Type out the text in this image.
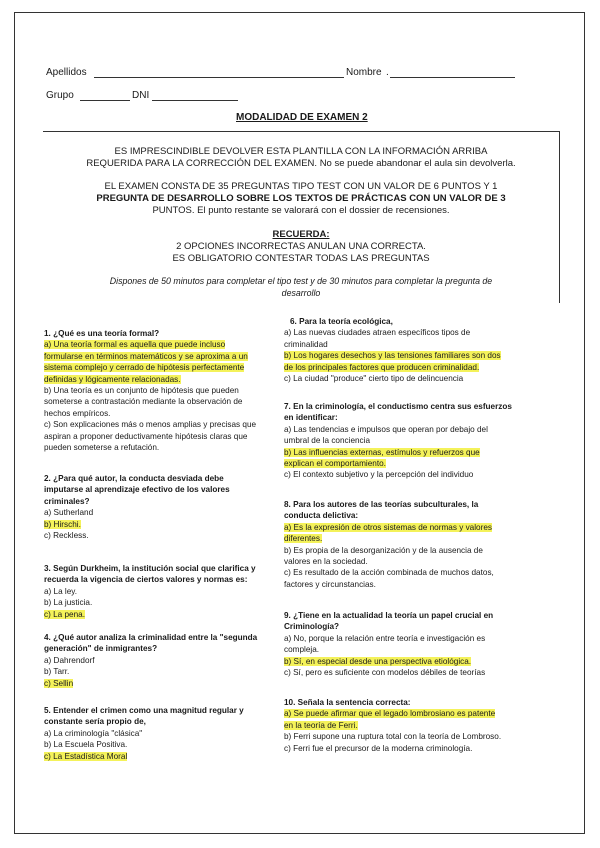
Apellidos	Nombre .
Grupo	DNI
MODALIDAD DE EXAMEN 2
ES IMPRESCINDIBLE DEVOLVER ESTA PLANTILLA CON LA INFORMACIÓN ARRIBA
REQUERIDA PARA LA CORRECCIÓN DEL EXAMEN. No se puede abandonar el aula sin devolverla.
EL EXAMEN CONSTA DE 35 PREGUNTAS TIPO TEST CON UN VALOR DE 6 PUNTOS Y 1
PREGUNTA DE DESARROLLO SOBRE LOS TEXTOS DE PRÁCTICAS CON UN VALOR DE 3
PUNTOS. El punto restante se valorará con el dossier de recensiones.
RECUERDA:
2 OPCIONES INCORRECTAS ANULAN UNA CORRECTA.
ES OBLIGATORIO CONTESTAR TODAS LAS PREGUNTAS
Dispones de 50 minutos para completar el tipo test y de 30 minutos para completar la pregunta de
desarrollo

1. ¿Qué es una teoría formal?

a) Una teoría formal es aquella que puede incluso

formularse en términos matemáticos y se aproxima a un

sistema complejo y cerrado de hipótesis perfectamente

definidas y lógicamente relacionadas.

b) Una teoría es un conjunto de hipótesis que pueden

someterse a contrastación mediante la observación de

hechos empíricos.

c) Son explicaciones más o menos amplias y precisas que

aspiran a proponer deductivamente hipótesis claras que

pueden someterse a refutación.

2. ¿Para qué autor, la conducta desviada debe

imputarse al aprendizaje efectivo de los valores

criminales?

a) Sutherland

b) Hirschi.

c) Reckless.

3. Según Durkheim, la institución social que clarifica y

recuerda la vigencia de ciertos valores y normas es:

a) La ley.

b) La justicia.

c) La pena.

4. ¿Qué autor analiza la criminalidad entre la "segunda

generación" de inmigrantes?

a) Dahrendorf

b) Tarr.

c) Sellin

5. Entender el crimen como una magnitud regular y

constante sería propio de,

a) La criminología "clásica"

b) La Escuela Positiva.

c) La Estadística Moral

6. Para la teoría ecológica,

a) Las nuevas ciudades atraen específicos tipos de

criminalidad

b) Los hogares desechos y las tensiones familiares son dos

de los principales factores que producen criminalidad.

c) La ciudad "produce" cierto tipo de delincuencia

7. En la criminología, el conductismo centra sus esfuerzos

en identificar:

a) Las tendencias e impulsos que operan por debajo del

umbral de la conciencia

b) Las influencias externas, estímulos y refuerzos que

explican el comportamiento.

c) El contexto subjetivo y la percepción del individuo

8. Para los autores de las teorías subculturales, la

conducta delictiva:

a) Es la expresión de otros sistemas de normas y valores

diferentes.

b) Es propia de la desorganización y de la ausencia de

valores en la sociedad.

c) Es resultado de la acción combinada de muchos datos,

factores y circunstancias.

9. ¿Tiene en la actualidad la teoría un papel crucial en

Criminología?

a) No, porque la relación entre teoría e investigación es

compleja.

b) Sí, en especial desde una perspectiva etiológica.

c) Sí, pero es suficiente con modelos débiles de teorías

10. Señala la sentencia correcta:

a) Se puede afirmar que el legado lombrosiano es patente

en la teoría de Ferri.

b) Ferri supone una ruptura total con la teoría de Lombroso.

c) Ferri fue el precursor de la moderna criminología.
